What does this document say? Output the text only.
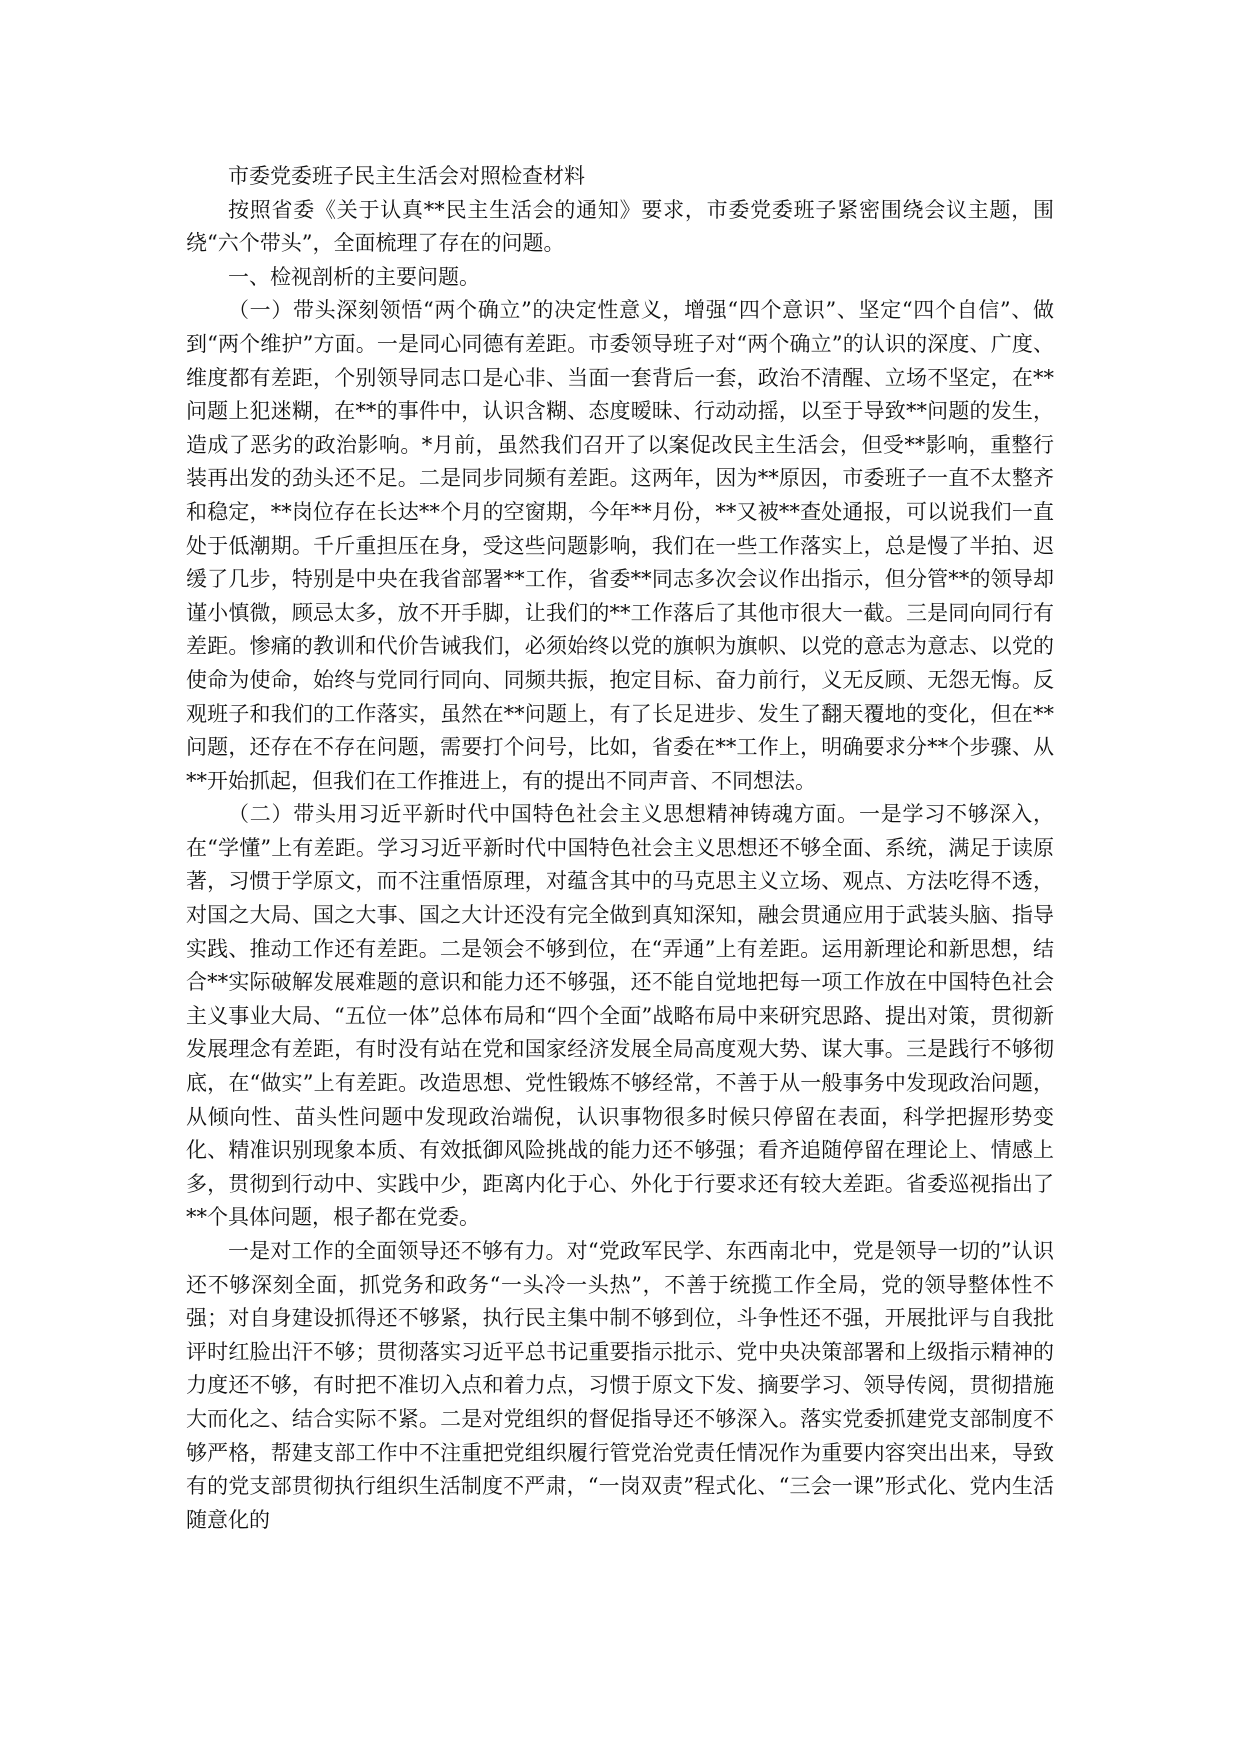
市委党委班子民主生活会对照检查材料

按照省委《关于认真**民主生活会的通知》要求，市委党委班子紧密围绕会议主题，围绕“六个带头”，全面梳理了存在的问题。

一、检视剖析的主要问题。

（一）带头深刻领悟“两个确立”的决定性意义，增强“四个意识”、坚定“四个自信”、做到“两个维护”方面。一是同心同德有差距。市委领导班子对“两个确立”的认识的深度、广度、维度都有差距，个别领导同志口是心非、当面一套背后一套，政治不清醒、立场不坚定，在**问题上犯迷糊，在**的事件中，认识含糊、态度暧昧、行动动摇，以至于导致**问题的发生，造成了恶劣的政治影响。*月前，虽然我们召开了以案促改民主生活会，但受**影响，重整行装再出发的劲头还不足。二是同步同频有差距。这两年，因为**原因，市委班子一直不太整齐和稳定，**岗位存在长达**个月的空窗期，今年**月份，**又被**查处通报，可以说我们一直处于低潮期。千斤重担压在身，受这些问题影响，我们在一些工作落实上，总是慢了半拍、迟缓了几步，特别是中央在我省部署**工作，省委**同志多次会议作出指示，但分管**的领导却谨小慎微，顾忌太多，放不开手脚，让我们的**工作落后了其他市很大一截。三是同向同行有差距。惨痛的教训和代价告诫我们，必须始终以党的旗帜为旗帜、以党的意志为意志、以党的使命为使命，始终与党同行同向、同频共振，抱定目标、奋力前行，义无反顾、无怨无悔。反观班子和我们的工作落实，虽然在**问题上，有了长足进步、发生了翻天覆地的变化，但在**问题，还存在不存在问题，需要打个问号，比如，省委在**工作上，明确要求分**个步骤、从**开始抓起，但我们在工作推进上，有的提出不同声音、不同想法。

（二）带头用习近平新时代中国特色社会主义思想精神铸魂方面。一是学习不够深入，在“学懂”上有差距。学习习近平新时代中国特色社会主义思想还不够全面、系统，满足于读原著，习惯于学原文，而不注重悟原理，对蕴含其中的马克思主义立场、观点、方法吃得不透，对国之大局、国之大事、国之大计还没有完全做到真知深知，融会贯通应用于武装头脑、指导实践、推动工作还有差距。二是领会不够到位，在“弄通”上有差距。运用新理论和新思想，结合**实际破解发展难题的意识和能力还不够强，还不能自觉地把每一项工作放在中国特色社会主义事业大局、“五位一体”总体布局和“四个全面”战略布局中来研究思路、提出对策，贯彻新发展理念有差距，有时没有站在党和国家经济发展全局高度观大势、谋大事。三是践行不够彻底，在“做实”上有差距。改造思想、党性锻炼不够经常，不善于从一般事务中发现政治问题，从倾向性、苗头性问题中发现政治端倪，认识事物很多时候只停留在表面，科学把握形势变化、精准识别现象本质、有效抵御风险挑战的能力还不够强；看齐追随停留在理论上、情感上多，贯彻到行动中、实践中少，距离内化于心、外化于行要求还有较大差距。省委巡视指出了**个具体问题，根子都在党委。

一是对工作的全面领导还不够有力。对“党政军民学、东西南北中，党是领导一切的”认识还不够深刻全面，抓党务和政务“一头冷一头热”，不善于统揽工作全局，党的领导整体性不强；对自身建设抓得还不够紧，执行民主集中制不够到位，斗争性还不强，开展批评与自我批评时红脸出汗不够；贯彻落实习近平总书记重要指示批示、党中央决策部署和上级指示精神的力度还不够，有时把不准切入点和着力点，习惯于原文下发、摘要学习、领导传阅，贯彻措施大而化之、结合实际不紧。二是对党组织的督促指导还不够深入。落实党委抓建党支部制度不够严格，帮建支部工作中不注重把党组织履行管党治党责任情况作为重要内容突出出来，导致有的党支部贯彻执行组织生活制度不严肃，“一岗双责”程式化、“三会一课”形式化、党内生活随意化的
